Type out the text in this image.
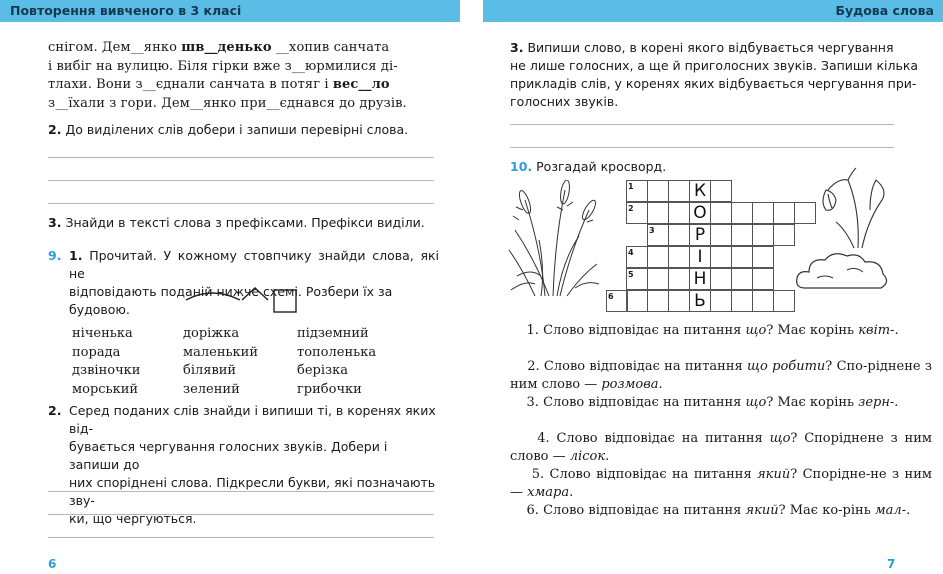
Повторення вивченого в 3 класі
снігом. Дем__янко шв__денько __хопив санчата
і вибіг на вулицю. Біля гірки вже з__юрмилися ді-
тлахи. Вони з__єднали санчата в потяг і вес__ло
з__їхали з гори. Дем__янко при__єднався до друзів.
2. До виділених слів добери і запиши перевірні слова.
3. Знайди в тексті слова з префіксами. Префікси виділи.
9. 1. Прочитай. У кожному стовпчику знайди слова, які не
відповідають поданій нижче схемі. Розбери їх за будовою.
ніченька
порада
дзвіночки
морський
доріжка
маленький
білявий
зелений
підземний
тополенька
берізка
грибочки
2. Серед поданих слів знайди і випиши ті, в коренях яких від-
бувається чергування голосних звуків. Добери і запиши до
них споріднені слова. Підкресли букви, які позначають зву-
ки, що чергуються.
6
Будова слова
3. Випиши слово, в корені якого відбувається чергування
не лише голосних, а ще й приголосних звуків. Запиши кілька
прикладів слів, у коренях яких відбувається чергування при-
голосних звуків.
10. Розгадай кросворд.
1
2
3
4
5
6
К
О
Р
І
Н
Ь
1. Слово відповідає на питання що? Має корінь квіт-.
2. Слово відповідає на питання що робити? Спо-ріднене з ним слово — розмова.
3. Слово відповідає на питання що? Має корінь зерн-.
4. Слово відповідає на питання що? Споріднене з ним слово — лісок.
5. Слово відповідає на питання який? Спорідне-не з ним — хмара.
6. Слово відповідає на питання який? Має ко-рінь мал-.
7
